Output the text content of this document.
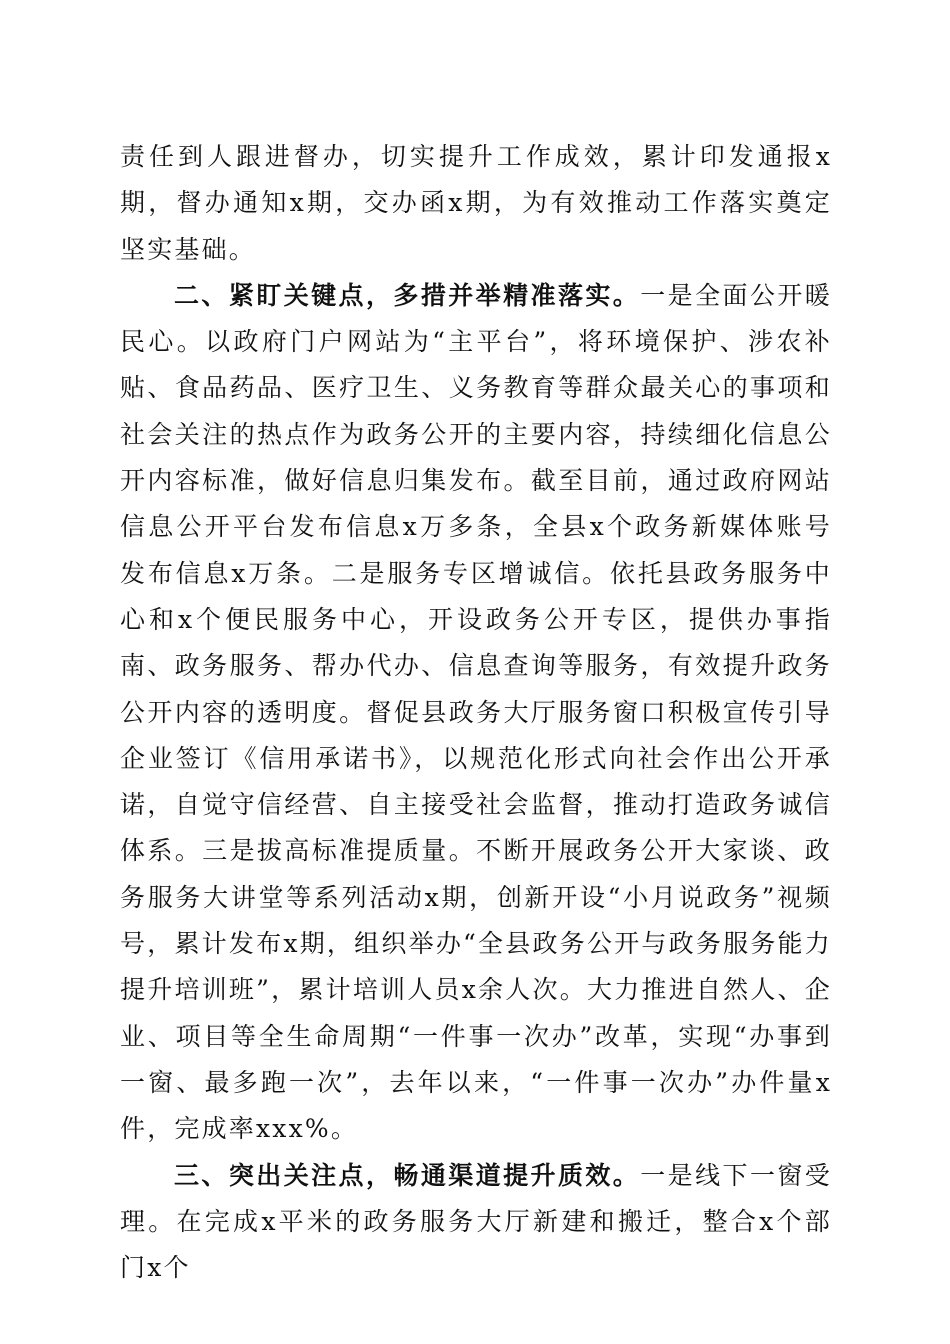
责任到人跟进督办，切实提升工作成效，累计印发通报x期，督办通知x期，交办函x期，为有效推动工作落实奠定坚实基础。

二、紧盯关键点，多措并举精准落实。一是全面公开暖民心。以政府门户网站为“主平台”，将环境保护、涉农补贴、食品药品、医疗卫生、义务教育等群众最关心的事项和社会关注的热点作为政务公开的主要内容，持续细化信息公开内容标准，做好信息归集发布。截至目前，通过政府网站信息公开平台发布信息x万多条，全县x个政务新媒体账号发布信息x万条。二是服务专区增诚信。依托县政务服务中心和x个便民服务中心，开设政务公开专区，提供办事指南、政务服务、帮办代办、信息查询等服务，有效提升政务公开内容的透明度。督促县政务大厅服务窗口积极宣传引导企业签订《信用承诺书》，以规范化形式向社会作出公开承诺，自觉守信经营、自主接受社会监督，推动打造政务诚信体系。三是拔高标准提质量。不断开展政务公开大家谈、政务服务大讲堂等系列活动x期，创新开设“小月说政务”视频号，累计发布x期，组织举办“全县政务公开与政务服务能力提升培训班”，累计培训人员x余人次。大力推进自然人、企业、项目等全生命周期“一件事一次办”改革，实现“办事到一窗、最多跑一次”，去年以来，“一件事一次办”办件量x件，完成率xxx%。

三、突出关注点，畅通渠道提升质效。一是线下一窗受理。在完成x平米的政务服务大厅新建和搬迁，整合x个部门x个
